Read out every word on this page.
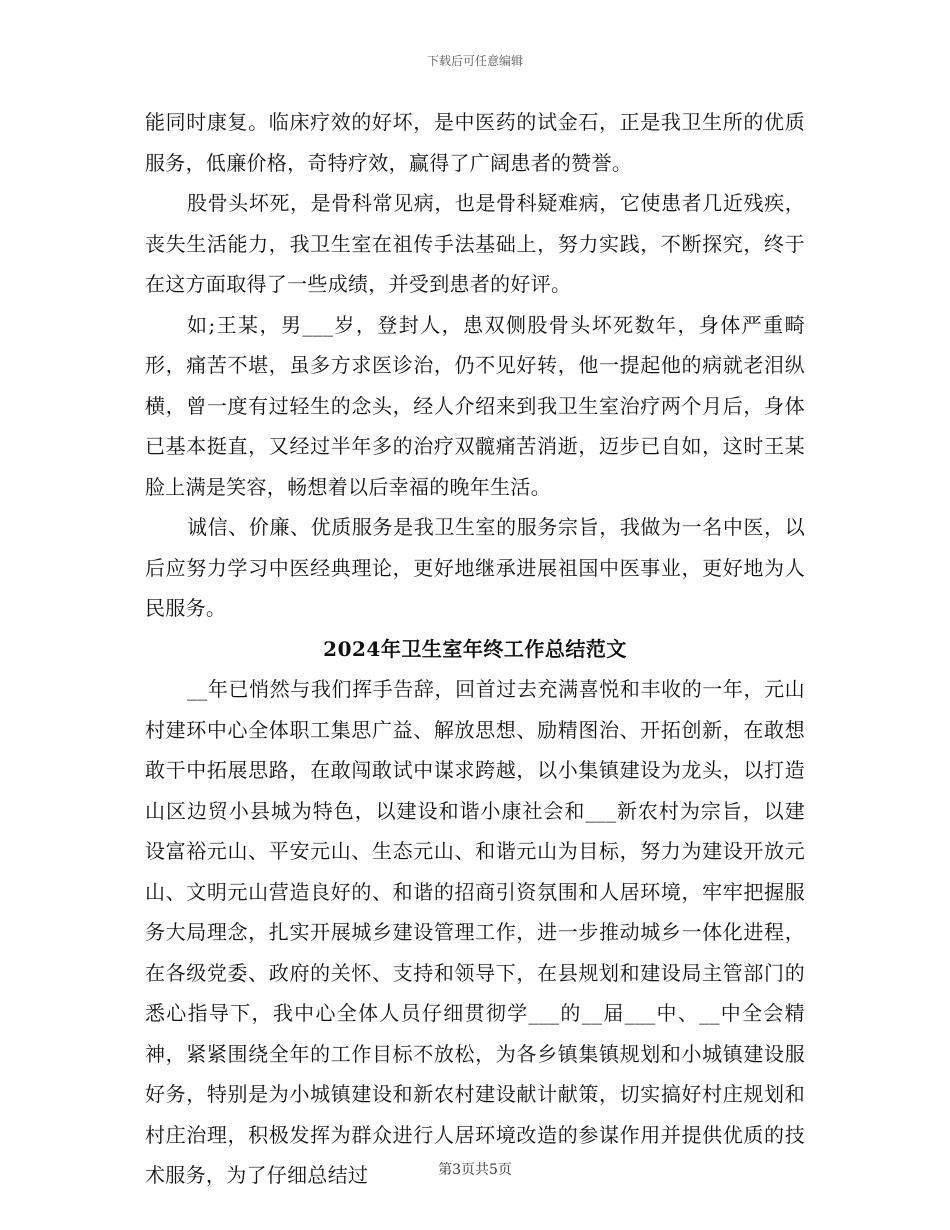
下载后可任意编辑

能同时康复。临床疗效的好坏，是中医药的试金石，正是我卫生所的优质服务，低廉价格，奇特疗效，赢得了广阔患者的赞誉。

股骨头坏死，是骨科常见病，也是骨科疑难病，它使患者几近残疾，丧失生活能力，我卫生室在祖传手法基础上，努力实践，不断探究，终于在这方面取得了一些成绩，并受到患者的好评。

如;王某，男___岁，登封人，患双侧股骨头坏死数年，身体严重畸形，痛苦不堪，虽多方求医诊治，仍不见好转，他一提起他的病就老泪纵横，曾一度有过轻生的念头，经人介绍来到我卫生室治疗两个月后，身体已基本挺直，又经过半年多的治疗双髋痛苦消逝，迈步已自如，这时王某脸上满是笑容，畅想着以后幸福的晚年生活。

诚信、价廉、优质服务是我卫生室的服务宗旨，我做为一名中医，以后应努力学习中医经典理论，更好地继承进展祖国中医事业，更好地为人民服务。

2024年卫生室年终工作总结范文

__年已悄然与我们挥手告辞，回首过去充满喜悦和丰收的一年，元山村建环中心全体职工集思广益、解放思想、励精图治、开拓创新，在敢想敢干中拓展思路，在敢闯敢试中谋求跨越，以小集镇建设为龙头，以打造山区边贸小县城为特色，以建设和谐小康社会和___新农村为宗旨，以建设富裕元山、平安元山、生态元山、和谐元山为目标，努力为建设开放元山、文明元山营造良好的、和谐的招商引资氛围和人居环境，牢牢把握服务大局理念，扎实开展城乡建设管理工作，进一步推动城乡一体化进程，在各级党委、政府的关怀、支持和领导下，在县规划和建设局主管部门的悉心指导下，我中心全体人员仔细贯彻学___的__届___中、__中全会精神，紧紧围绕全年的工作目标不放松，为各乡镇集镇规划和小城镇建设服好务，特别是为小城镇建设和新农村建设献计献策，切实搞好村庄规划和村庄治理，积极发挥为群众进行人居环境改造的参谋作用并提供优质的技术服务，为了仔细总结过	第3页共5页
